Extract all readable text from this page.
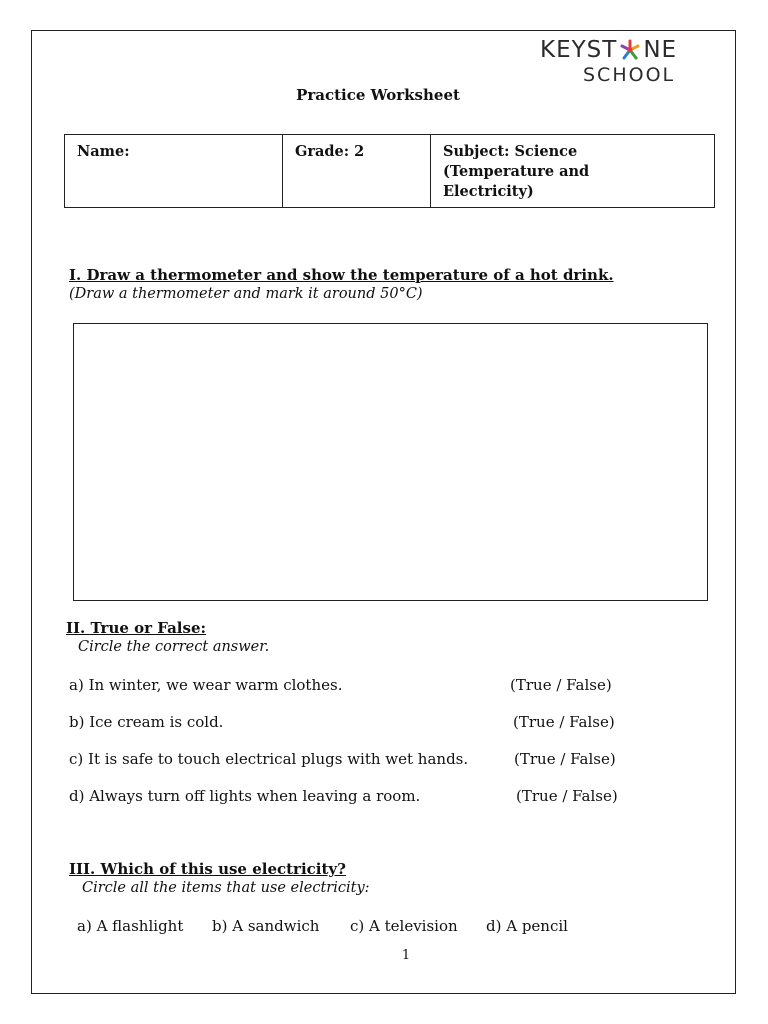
KEYST NE
SCHOOL
Practice Worksheet
Name:	Grade: 2	Subject: Science
(Temperature and
Electricity)
I. Draw a thermometer and show the temperature of a hot drink.
(Draw a thermometer and mark it around 50°C)
II. True or False:
Circle the correct answer.
a) In winter, we wear warm clothes.	(True / False)
b) Ice cream is cold.	(True / False)
c) It is safe to touch electrical plugs with wet hands.	(True / False)
d) Always turn off lights when leaving a room.	(True / False)
III. Which of this use electricity?
Circle all the items that use electricity:
a) A flashlight b) A sandwich c) A television d) A pencil
1
